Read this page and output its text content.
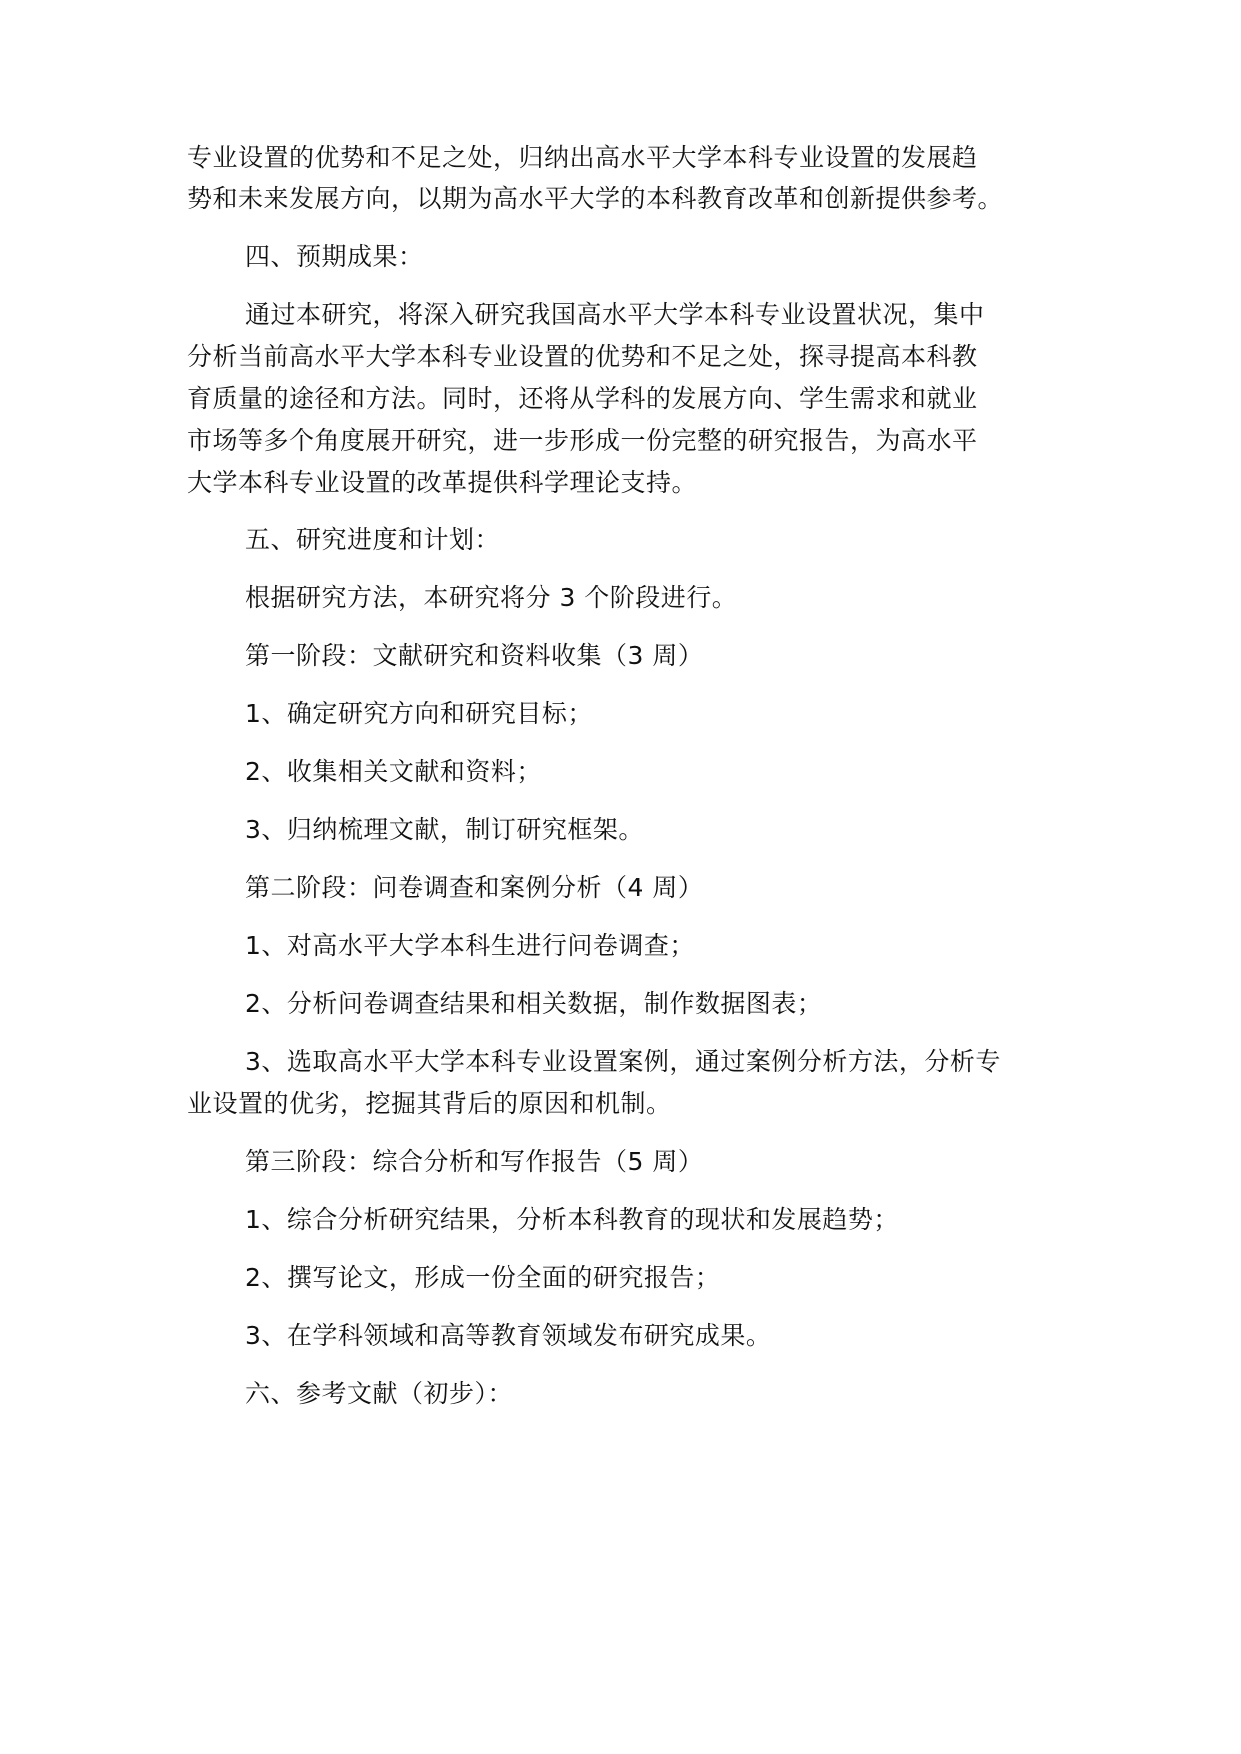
专业设置的优势和不足之处，归纳出高水平大学本科专业设置的发展趋
势和未来发展方向，以期为高水平大学的本科教育改革和创新提供参考。
四、预期成果：
通过本研究，将深入研究我国高水平大学本科专业设置状况，集中
分析当前高水平大学本科专业设置的优势和不足之处，探寻提高本科教
育质量的途径和方法。同时，还将从学科的发展方向、学生需求和就业
市场等多个角度展开研究，进一步形成一份完整的研究报告，为高水平
大学本科专业设置的改革提供科学理论支持。
五、研究进度和计划：
根据研究方法，本研究将分 3 个阶段进行。
第一阶段：文献研究和资料收集（3 周）
1、确定研究方向和研究目标；
2、收集相关文献和资料；
3、归纳梳理文献，制订研究框架。
第二阶段：问卷调查和案例分析（4 周）
1、对高水平大学本科生进行问卷调查；
2、分析问卷调查结果和相关数据，制作数据图表；
3、选取高水平大学本科专业设置案例，通过案例分析方法，分析专
业设置的优劣，挖掘其背后的原因和机制。
第三阶段：综合分析和写作报告（5 周）
1、综合分析研究结果，分析本科教育的现状和发展趋势；
2、撰写论文，形成一份全面的研究报告；
3、在学科领域和高等教育领域发布研究成果。
六、参考文献（初步）：
